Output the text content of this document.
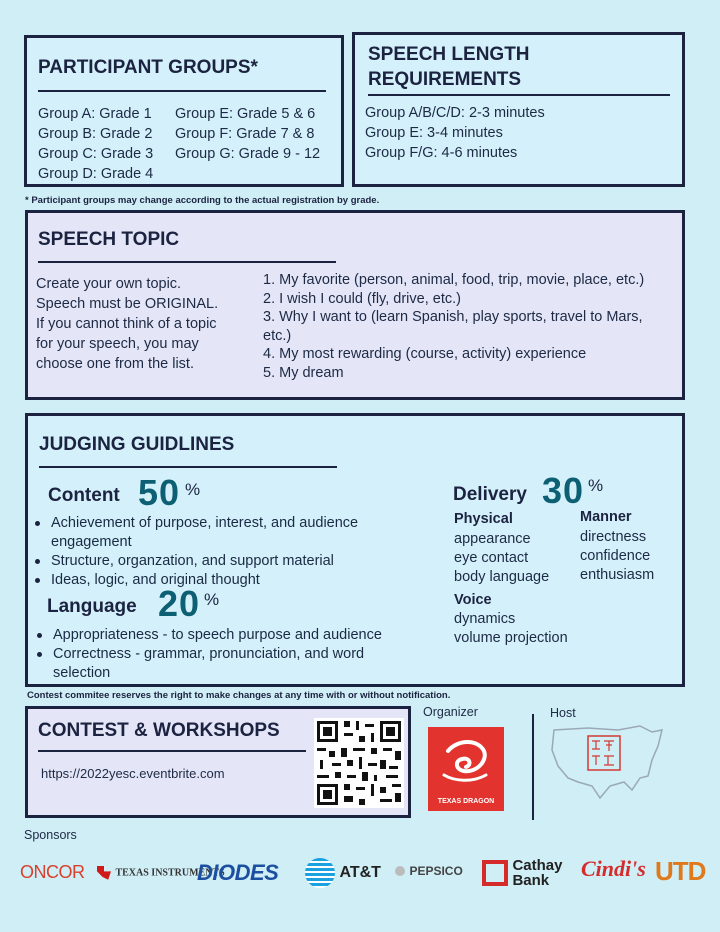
PARTICIPANT GROUPS*
Group A: Grade 1
Group B: Grade 2
Group C: Grade 3
Group D: Grade 4
Group E: Grade 5 & 6
Group F: Grade 7 & 8
Group G: Grade 9 - 12
SPEECH LENGTH
REQUIREMENTS
Group A/B/C/D: 2-3 minutes
Group E: 3-4 minutes
Group F/G: 4-6 minutes
* Participant groups may change according to the actual registration by grade.
SPEECH TOPIC
Create your own topic.
Speech must be ORIGINAL.
If you cannot think of a topic
for your speech, you may
choose one from the list.
1. My favorite (person, animal, food, trip, movie, place, etc.)
2. I wish I could (fly, drive, etc.)
3. Why I want to (learn Spanish, play sports, travel to Mars,
etc.)
4. My most rewarding (course, activity) experience
5. My dream
JUDGING GUIDLINES
Content 50 %
Achievement of purpose, interest, and audience engagement
Structure, organzation, and support material
Ideas, logic, and original thought
Language 20 %
Appropriateness - to speech purpose and audience
Correctness - grammar, pronunciation, and word selection
Delivery 30 %
Physical
appearance
eye contact
body language
Manner
directness
confidence
enthusiasm
Voice
dynamics
volume projection
Contest commitee reserves the right to make changes at any time with or without notification.
CONTEST & WORKSHOPS
https://2022yesc.eventbrite.com
Organizer
TEXAS DRAGON
Host
Sponsors
ONCOR	TEXAS INSTRUMENTS
DIODES	AT&T	PEPSICO	Cathay Bank	Cindi's UTD
